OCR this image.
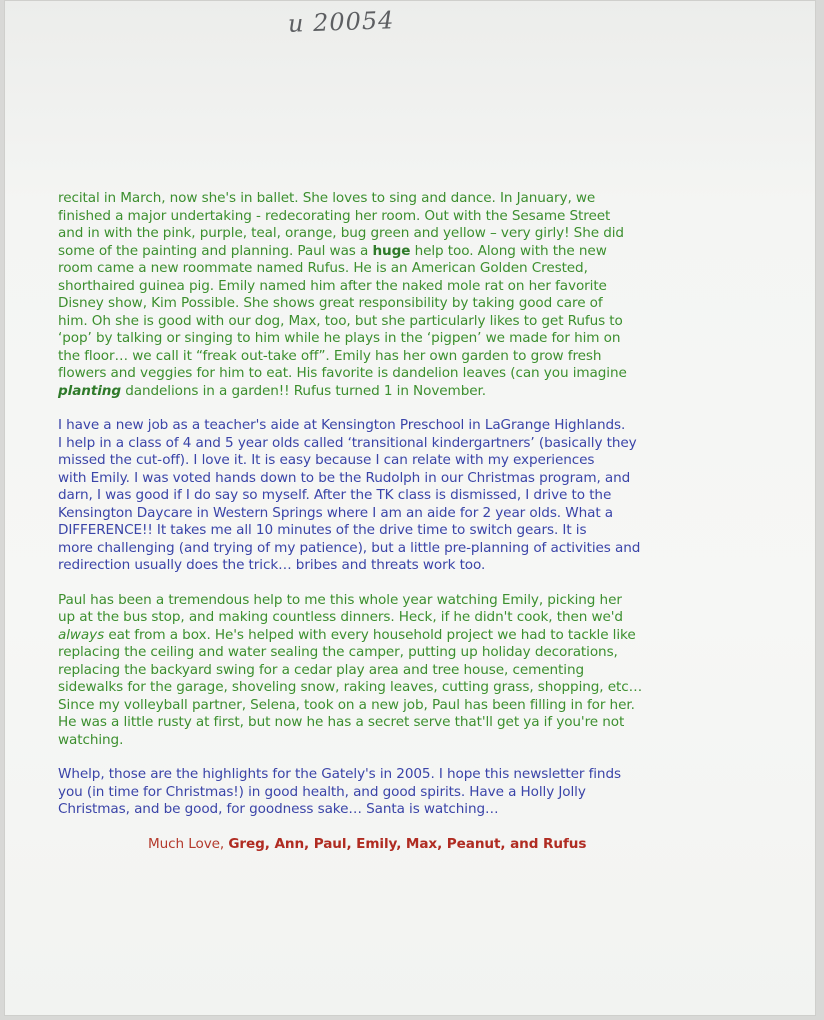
u 20054

recital in March, now she's in ballet. She loves to sing and dance. In January, we
finished a major undertaking - redecorating her room. Out with the Sesame Street
and in with the pink, purple, teal, orange, bug green and yellow – very girly! She did
some of the painting and planning. Paul was a huge help too. Along with the new
room came a new roommate named Rufus. He is an American Golden Crested,
shorthaired guinea pig. Emily named him after the naked mole rat on her favorite
Disney show, Kim Possible. She shows great responsibility by taking good care of
him. Oh she is good with our dog, Max, too, but she particularly likes to get Rufus to
‘pop’ by talking or singing to him while he plays in the ‘pigpen’ we made for him on
the floor… we call it “freak out-take off”. Emily has her own garden to grow fresh
flowers and veggies for him to eat. His favorite is dandelion leaves (can you imagine
planting dandelions in a garden!! Rufus turned 1 in November.

I have a new job as a teacher's aide at Kensington Preschool in LaGrange Highlands.
I help in a class of 4 and 5 year olds called ‘transitional kindergartners’ (basically they
missed the cut-off). I love it. It is easy because I can relate with my experiences
with Emily. I was voted hands down to be the Rudolph in our Christmas program, and
darn, I was good if I do say so myself. After the TK class is dismissed, I drive to the
Kensington Daycare in Western Springs where I am an aide for 2 year olds. What a
DIFFERENCE!! It takes me all 10 minutes of the drive time to switch gears. It is
more challenging (and trying of my patience), but a little pre-planning of activities and
redirection usually does the trick… bribes and threats work too.

Paul has been a tremendous help to me this whole year watching Emily, picking her
up at the bus stop, and making countless dinners. Heck, if he didn't cook, then we'd
always eat from a box. He's helped with every household project we had to tackle like
replacing the ceiling and water sealing the camper, putting up holiday decorations,
replacing the backyard swing for a cedar play area and tree house, cementing
sidewalks for the garage, shoveling snow, raking leaves, cutting grass, shopping, etc…
Since my volleyball partner, Selena, took on a new job, Paul has been filling in for her.
He was a little rusty at first, but now he has a secret serve that'll get ya if you're not
watching.

Whelp, those are the highlights for the Gately's in 2005. I hope this newsletter finds
you (in time for Christmas!) in good health, and good spirits. Have a Holly Jolly
Christmas, and be good, for goodness sake… Santa is watching…

Much Love, Greg, Ann, Paul, Emily, Max, Peanut, and Rufus
